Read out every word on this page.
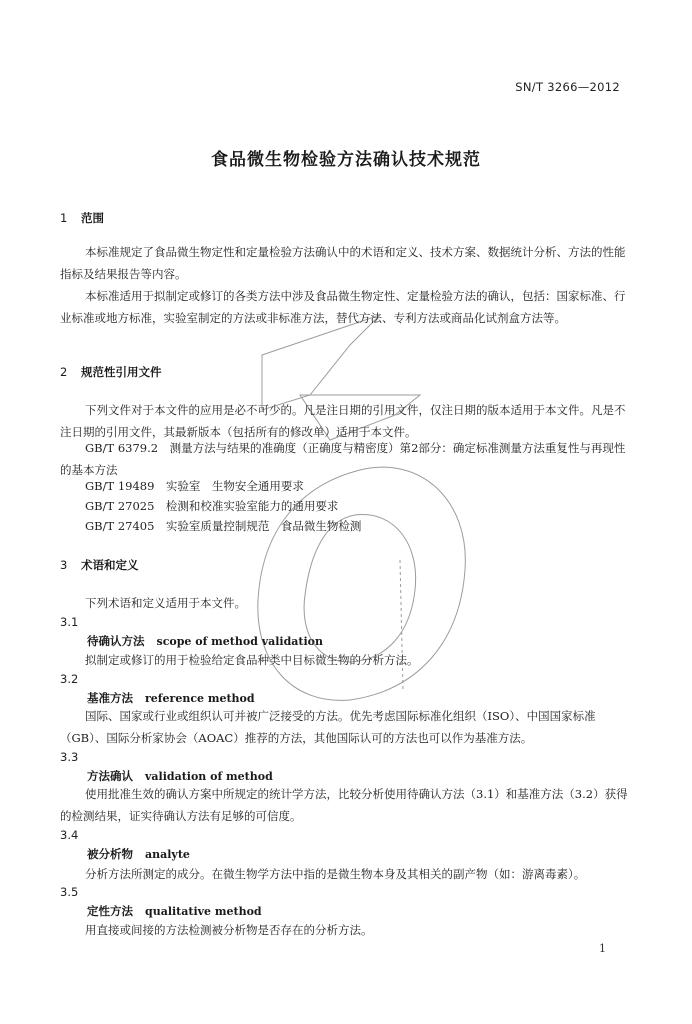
SN/T 3266—2012
食品微生物检验方法确认技术规范
1 范围

本标准规定了食品微生物定性和定量检验方法确认中的术语和定义、技术方案、数据统计分析、方法的性能指标及结果报告等内容。

本标准适用于拟制定或修订的各类方法中涉及食品微生物定性、定量检验方法的确认，包括：国家标准、行业标准或地方标准，实验室制定的方法或非标准方法，替代方法、专利方法或商品化试剂盒方法等。

2 规范性引用文件

下列文件对于本文件的应用是必不可少的。凡是注日期的引用文件，仅注日期的版本适用于本文件。凡是不注日期的引用文件，其最新版本（包括所有的修改单）适用于本文件。

GB/T 6379.2　测量方法与结果的准确度（正确度与精密度）第2部分：确定标准测量方法重复性与再现性的基本方法

GB/T 19489　实验室　生物安全通用要求
GB/T 27025　检测和校准实验室能力的通用要求
GB/T 27405　实验室质量控制规范　食品微生物检测
3 术语和定义
下列术语和定义适用于本文件。
3.1
待确认方法 scope of method validation
拟制定或修订的用于检验给定食品种类中目标微生物的分析方法。
3.2
基准方法 reference method

国际、国家或行业或组织认可并被广泛接受的方法。优先考虑国际标准化组织（ISO）、中国国家标准（GB）、国际分析家协会（AOAC）推荐的方法，其他国际认可的方法也可以作为基准方法。

3.3
方法确认 validation of method

使用批准生效的确认方案中所规定的统计学方法，比较分析使用待确认方法（3.1）和基准方法（3.2）获得的检测结果，证实待确认方法有足够的可信度。

3.4
被分析物 analyte
分析方法所测定的成分。在微生物学方法中指的是微生物本身及其相关的副产物（如：游离毒素）。
3.5
定性方法 qualitative method
用直接或间接的方法检测被分析物是否存在的分析方法。
1
